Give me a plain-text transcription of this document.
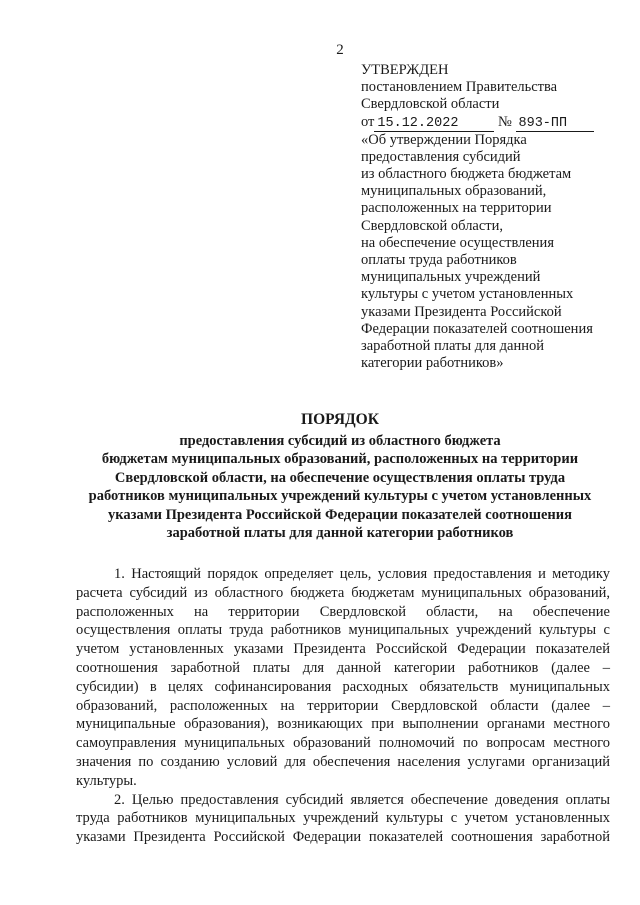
2
УТВЕРЖДЕН
постановлением Правительства
Свердловской области
от 15.12.2022	№ 893-ПП
«Об утверждении Порядка
предоставления субсидий
из областного бюджета бюджетам
муниципальных образований,
расположенных на территории
Свердловской области,
на обеспечение осуществления
оплаты труда работников
муниципальных учреждений
культуры с учетом установленных
указами Президента Российской
Федерации показателей соотношения
заработной платы для данной
категории работников»
ПОРЯДОК
предоставления субсидий из областного бюджета
бюджетам муниципальных образований, расположенных на территории
Свердловской области, на обеспечение осуществления оплаты труда
работников муниципальных учреждений культуры с учетом установленных
указами Президента Российской Федерации показателей соотношения
заработной платы для данной категории работников
1. Настоящий порядок определяет цель, условия предоставления и методику
расчета субсидий из областного бюджета бюджетам муниципальных образований,
расположенных на территории Свердловской области, на обеспечение
осуществления оплаты труда работников муниципальных учреждений культуры с
учетом установленных указами Президента Российской Федерации показателей
соотношения заработной платы для данной категории работников (далее –
субсидии) в целях софинансирования расходных обязательств муниципальных
образований, расположенных на территории Свердловской области (далее –
муниципальные образования), возникающих при выполнении органами местного
самоуправления муниципальных образований полномочий по вопросам местного
значения по созданию условий для обеспечения населения услугами организаций
культуры.
2. Целью предоставления субсидий является обеспечение доведения оплаты
труда работников муниципальных учреждений культуры с учетом установленных
указами Президента Российской Федерации показателей соотношения заработной
